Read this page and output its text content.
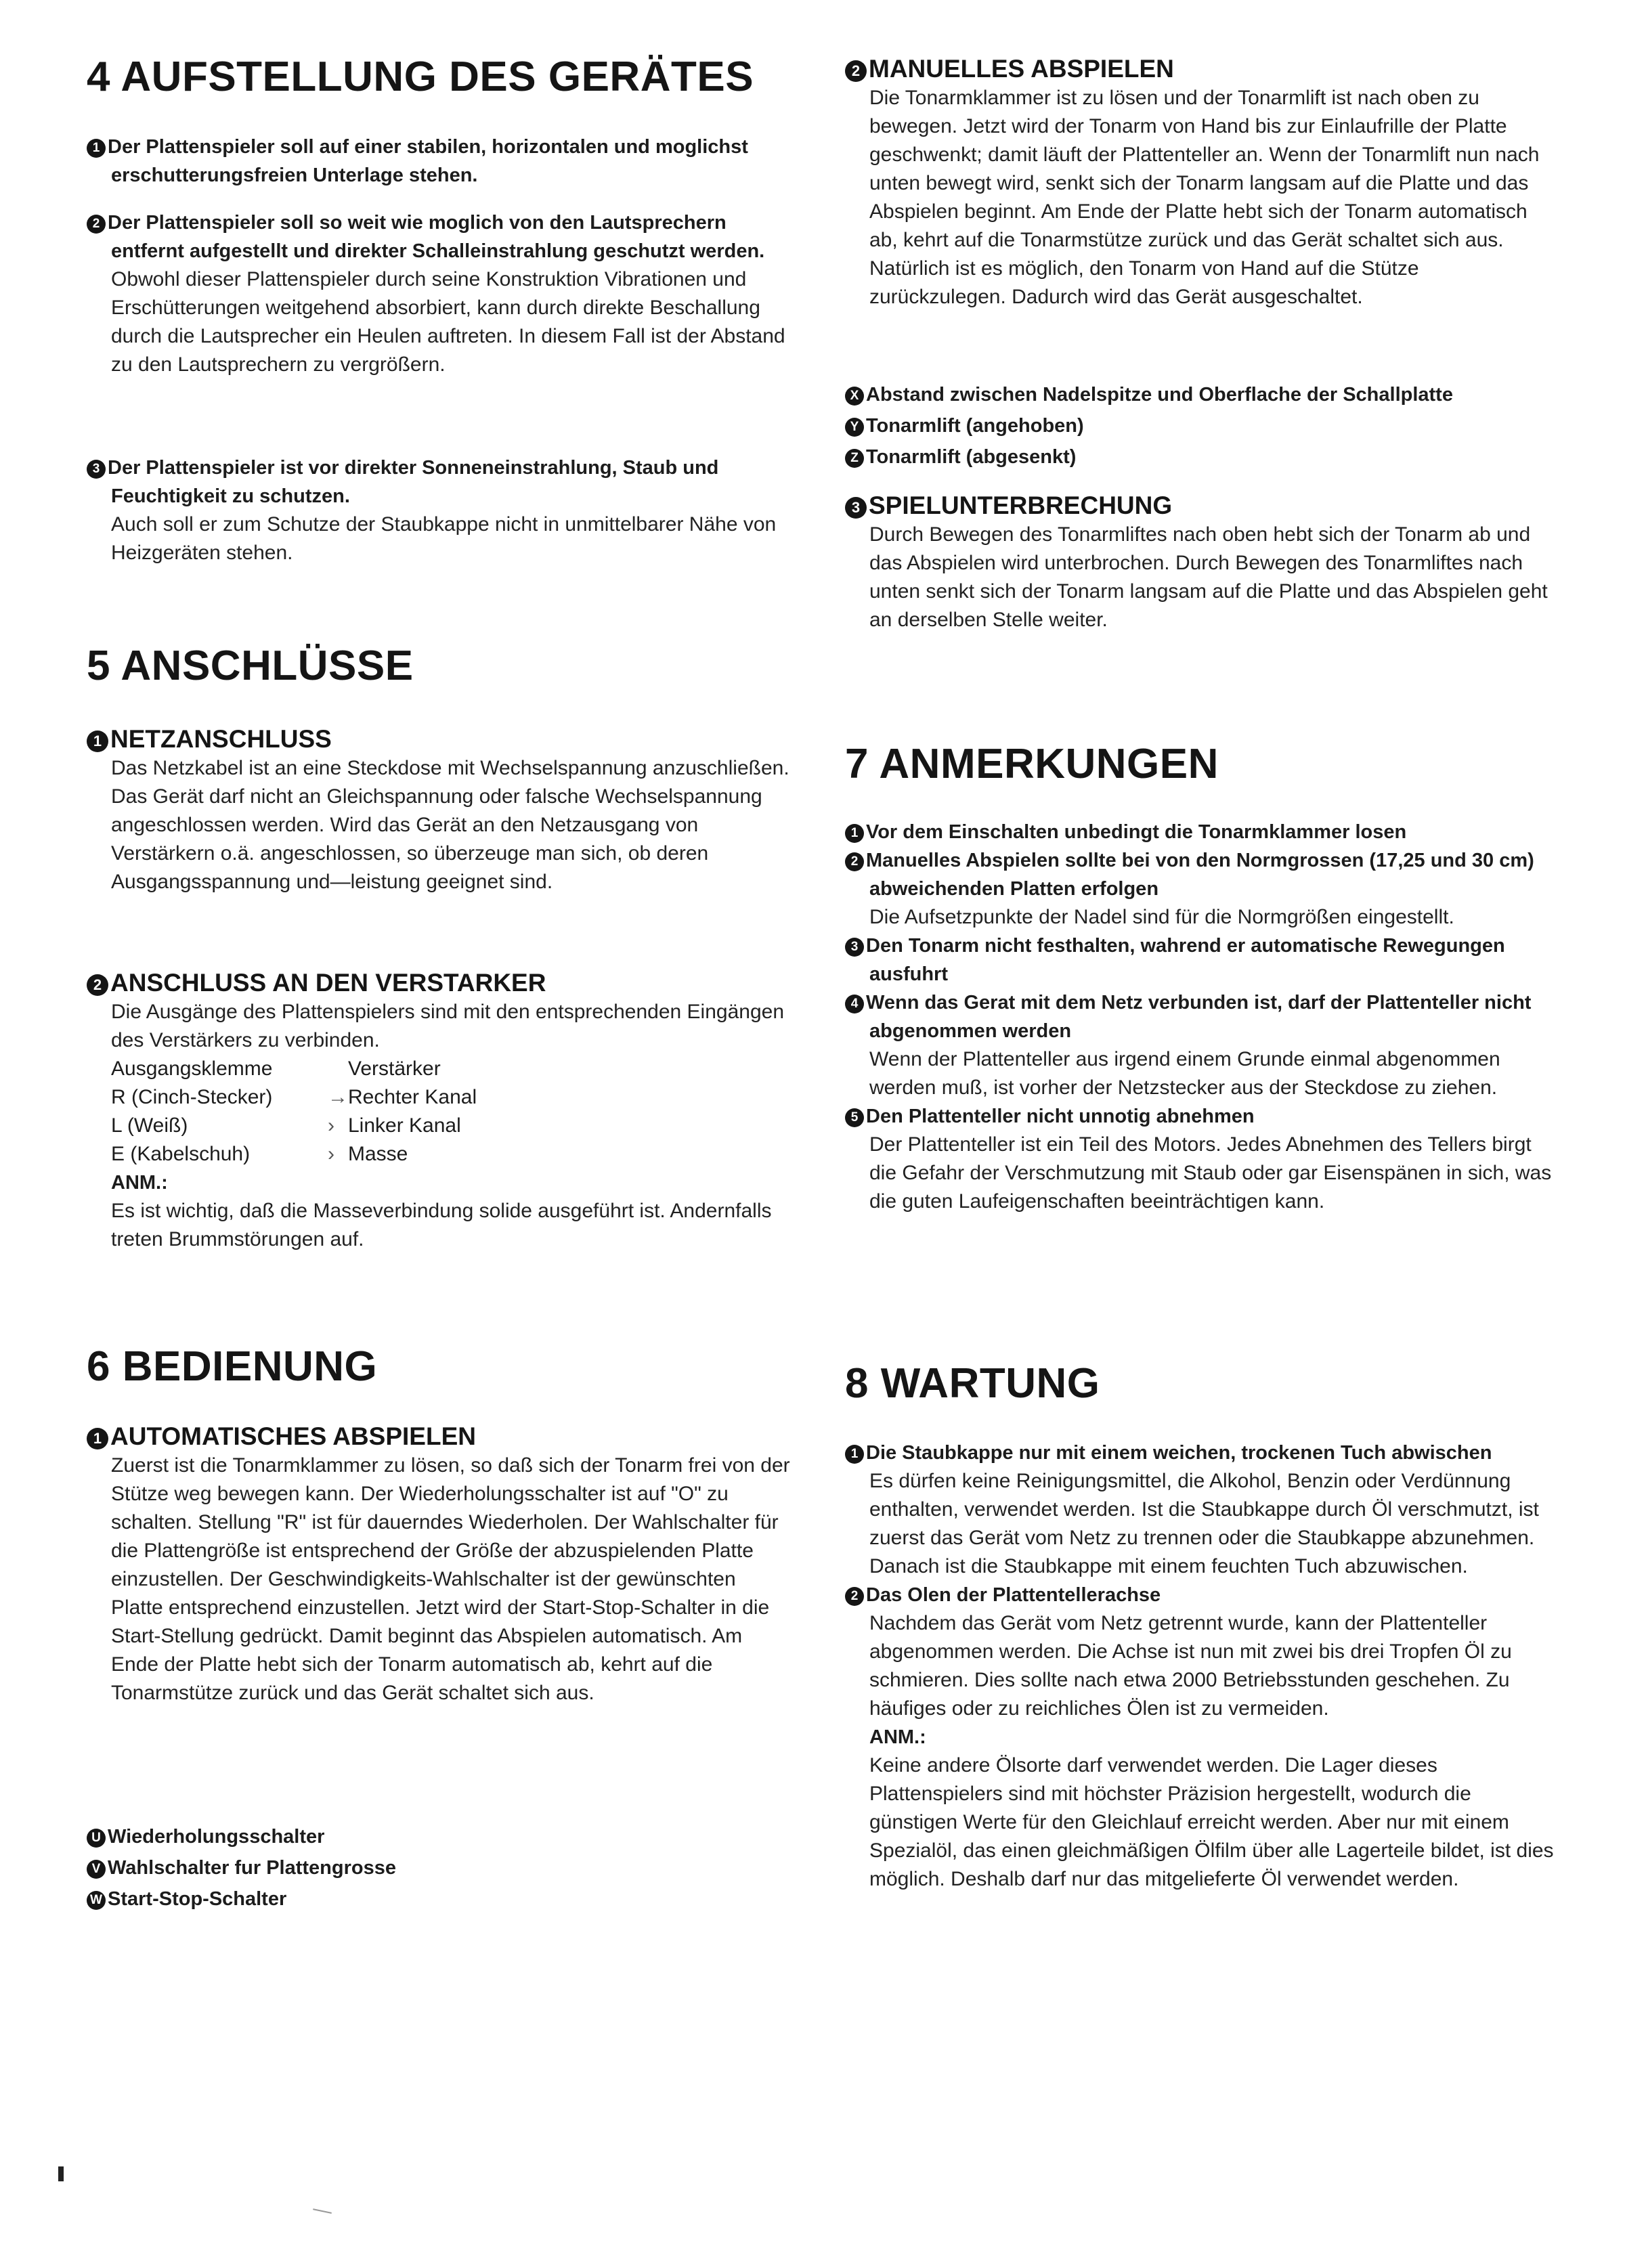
4 AUFSTELLUNG DES GERÄTES

1 Der Plattenspieler soll auf einer stabilen, horizontalen und moglichst erschutterungsfreien Unterlage stehen.

2 Der Plattenspieler soll so weit wie moglich von den Lautsprechern entfernt aufgestellt und direkter Schalleinstrahlung geschutzt werden.

Obwohl dieser Plattenspieler durch seine Konstruktion Vibrationen und Erschütterungen weitgehend absorbiert, kann durch direkte Beschallung durch die Lautsprecher ein Heulen auftreten. In diesem Fall ist der Abstand zu den Lautsprechern zu vergrößern.

3 Der Plattenspieler ist vor direkter Sonneneinstrahlung, Staub und Feuchtigkeit zu schutzen.

Auch soll er zum Schutze der Staubkappe nicht in unmittelbarer Nähe von Heizgeräten stehen.

5 ANSCHLÜSSE
1 NETZANSCHLUSS

Das Netzkabel ist an eine Steckdose mit Wechselspannung anzuschließen. Das Gerät darf nicht an Gleichspannung oder falsche Wechselspannung angeschlossen werden. Wird das Gerät an den Netzausgang von Verstärkern o.ä. angeschlossen, so überzeuge man sich, ob deren Ausgangsspannung und—leistung geeignet sind.

2 ANSCHLUSS AN DEN VERSTARKER

Die Ausgänge des Plattenspielers sind mit den entsprechenden Eingängen des Verstärkers zu verbinden.

Ausgangsklemme	Verstärker
R (Cinch-Stecker)	→ Rechter Kanal
L (Weiß)	› Linker Kanal
E (Kabelschuh)	› Masse

ANM.:

Es ist wichtig, daß die Masseverbindung solide ausgeführt ist. Andernfalls treten Brummstörungen auf.

6 BEDIENUNG
1 AUTOMATISCHES ABSPIELEN

Zuerst ist die Tonarmklammer zu lösen, so daß sich der Tonarm frei von der Stütze weg bewegen kann. Der Wiederholungsschalter ist auf "O" zu schalten. Stellung "R" ist für dauerndes Wiederholen. Der Wahlschalter für die Plattengröße ist entsprechend der Größe der abzuspielenden Platte einzustellen. Der Geschwindigkeits-Wahlschalter ist der gewünschten Platte entsprechend einzustellen. Jetzt wird der Start-Stop-Schalter in die Start-Stellung gedrückt. Damit beginnt das Abspielen automatisch. Am Ende der Platte hebt sich der Tonarm automatisch ab, kehrt auf die Tonarmstütze zurück und das Gerät schaltet sich aus.

U Wiederholungsschalter

V Wahlschalter fur Plattengrosse

W Start-Stop-Schalter

2 MANUELLES ABSPIELEN

Die Tonarmklammer ist zu lösen und der Tonarmlift ist nach oben zu bewegen. Jetzt wird der Tonarm von Hand bis zur Einlaufrille der Platte geschwenkt; damit läuft der Plattenteller an. Wenn der Tonarmlift nun nach unten bewegt wird, senkt sich der Tonarm langsam auf die Platte und das Abspielen beginnt. Am Ende der Platte hebt sich der Tonarm automatisch ab, kehrt auf die Tonarmstütze zurück und das Gerät schaltet sich aus. Natürlich ist es möglich, den Tonarm von Hand auf die Stütze zurückzulegen. Dadurch wird das Gerät ausgeschaltet.

X Abstand zwischen Nadelspitze und Oberflache der Schallplatte

Y Tonarmlift (angehoben)

Z Tonarmlift (abgesenkt)

3 SPIELUNTERBRECHUNG

Durch Bewegen des Tonarmliftes nach oben hebt sich der Tonarm ab und das Abspielen wird unterbrochen. Durch Bewegen des Tonarmliftes nach unten senkt sich der Tonarm langsam auf die Platte und das Abspielen geht an derselben Stelle weiter.

7 ANMERKUNGEN

1 Vor dem Einschalten unbedingt die Tonarmklammer losen

2 Manuelles Abspielen sollte bei von den Normgrossen (17,25 und 30 cm) abweichenden Platten erfolgen

Die Aufsetzpunkte der Nadel sind für die Normgrößen eingestellt.

3 Den Tonarm nicht festhalten, wahrend er automatische Rewegungen ausfuhrt

4 Wenn das Gerat mit dem Netz verbunden ist, darf der Plattenteller nicht abgenommen werden

Wenn der Plattenteller aus irgend einem Grunde einmal abgenommen werden muß, ist vorher der Netzstecker aus der Steckdose zu ziehen.

5 Den Plattenteller nicht unnotig abnehmen

Der Plattenteller ist ein Teil des Motors. Jedes Abnehmen des Tellers birgt die Gefahr der Verschmutzung mit Staub oder gar Eisenspänen in sich, was die guten Laufeigenschaften beeinträchtigen kann.

8 WARTUNG

1 Die Staubkappe nur mit einem weichen, trockenen Tuch abwischen

Es dürfen keine Reinigungsmittel, die Alkohol, Benzin oder Verdünnung enthalten, verwendet werden. Ist die Staubkappe durch Öl verschmutzt, ist zuerst das Gerät vom Netz zu trennen oder die Staubkappe abzunehmen. Danach ist die Staubkappe mit einem feuchten Tuch abzuwischen.

2 Das Olen der Plattentellerachse

Nachdem das Gerät vom Netz getrennt wurde, kann der Plattenteller abgenommen werden. Die Achse ist nun mit zwei bis drei Tropfen Öl zu schmieren. Dies sollte nach etwa 2000 Betriebsstunden geschehen. Zu häufiges oder zu reichliches Ölen ist zu vermeiden.

ANM.:

Keine andere Ölsorte darf verwendet werden. Die Lager dieses Plattenspielers sind mit höchster Präzision hergestellt, wodurch die günstigen Werte für den Gleichlauf erreicht werden. Aber nur mit einem Spezialöl, das einen gleichmäßigen Ölfilm über alle Lagerteile bildet, ist dies möglich. Deshalb darf nur das mitgelieferte Öl verwendet werden.
